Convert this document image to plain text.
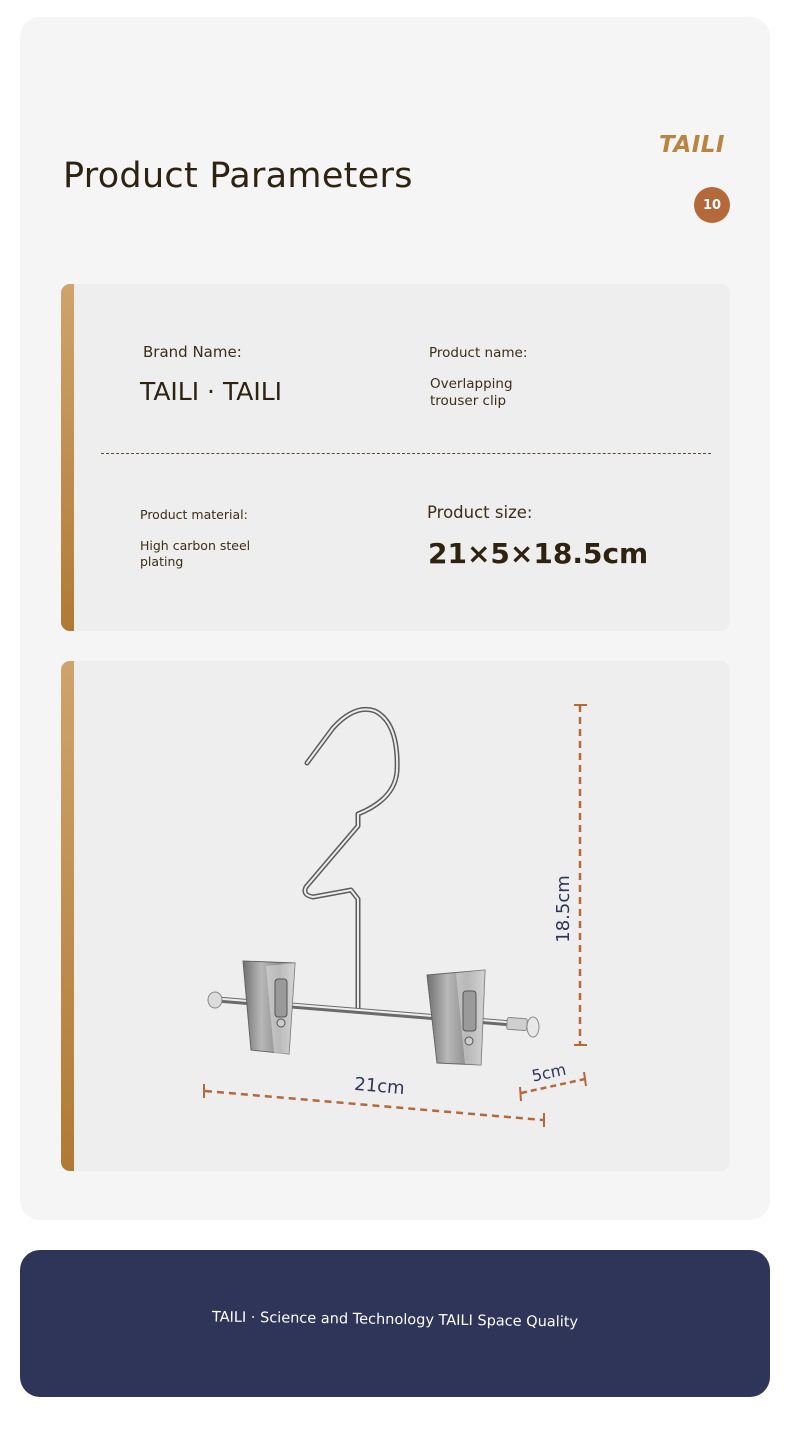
Product Parameters
TAILI
10
Brand Name:
TAILI · TAILI
Product name:
Overlapping
trouser clip
Product material:
High carbon steel
plating
Product size:
21×5×18.5cm
18.5cm
21cm
5cm
TAILI · Science and Technology TAILI Space Quality
